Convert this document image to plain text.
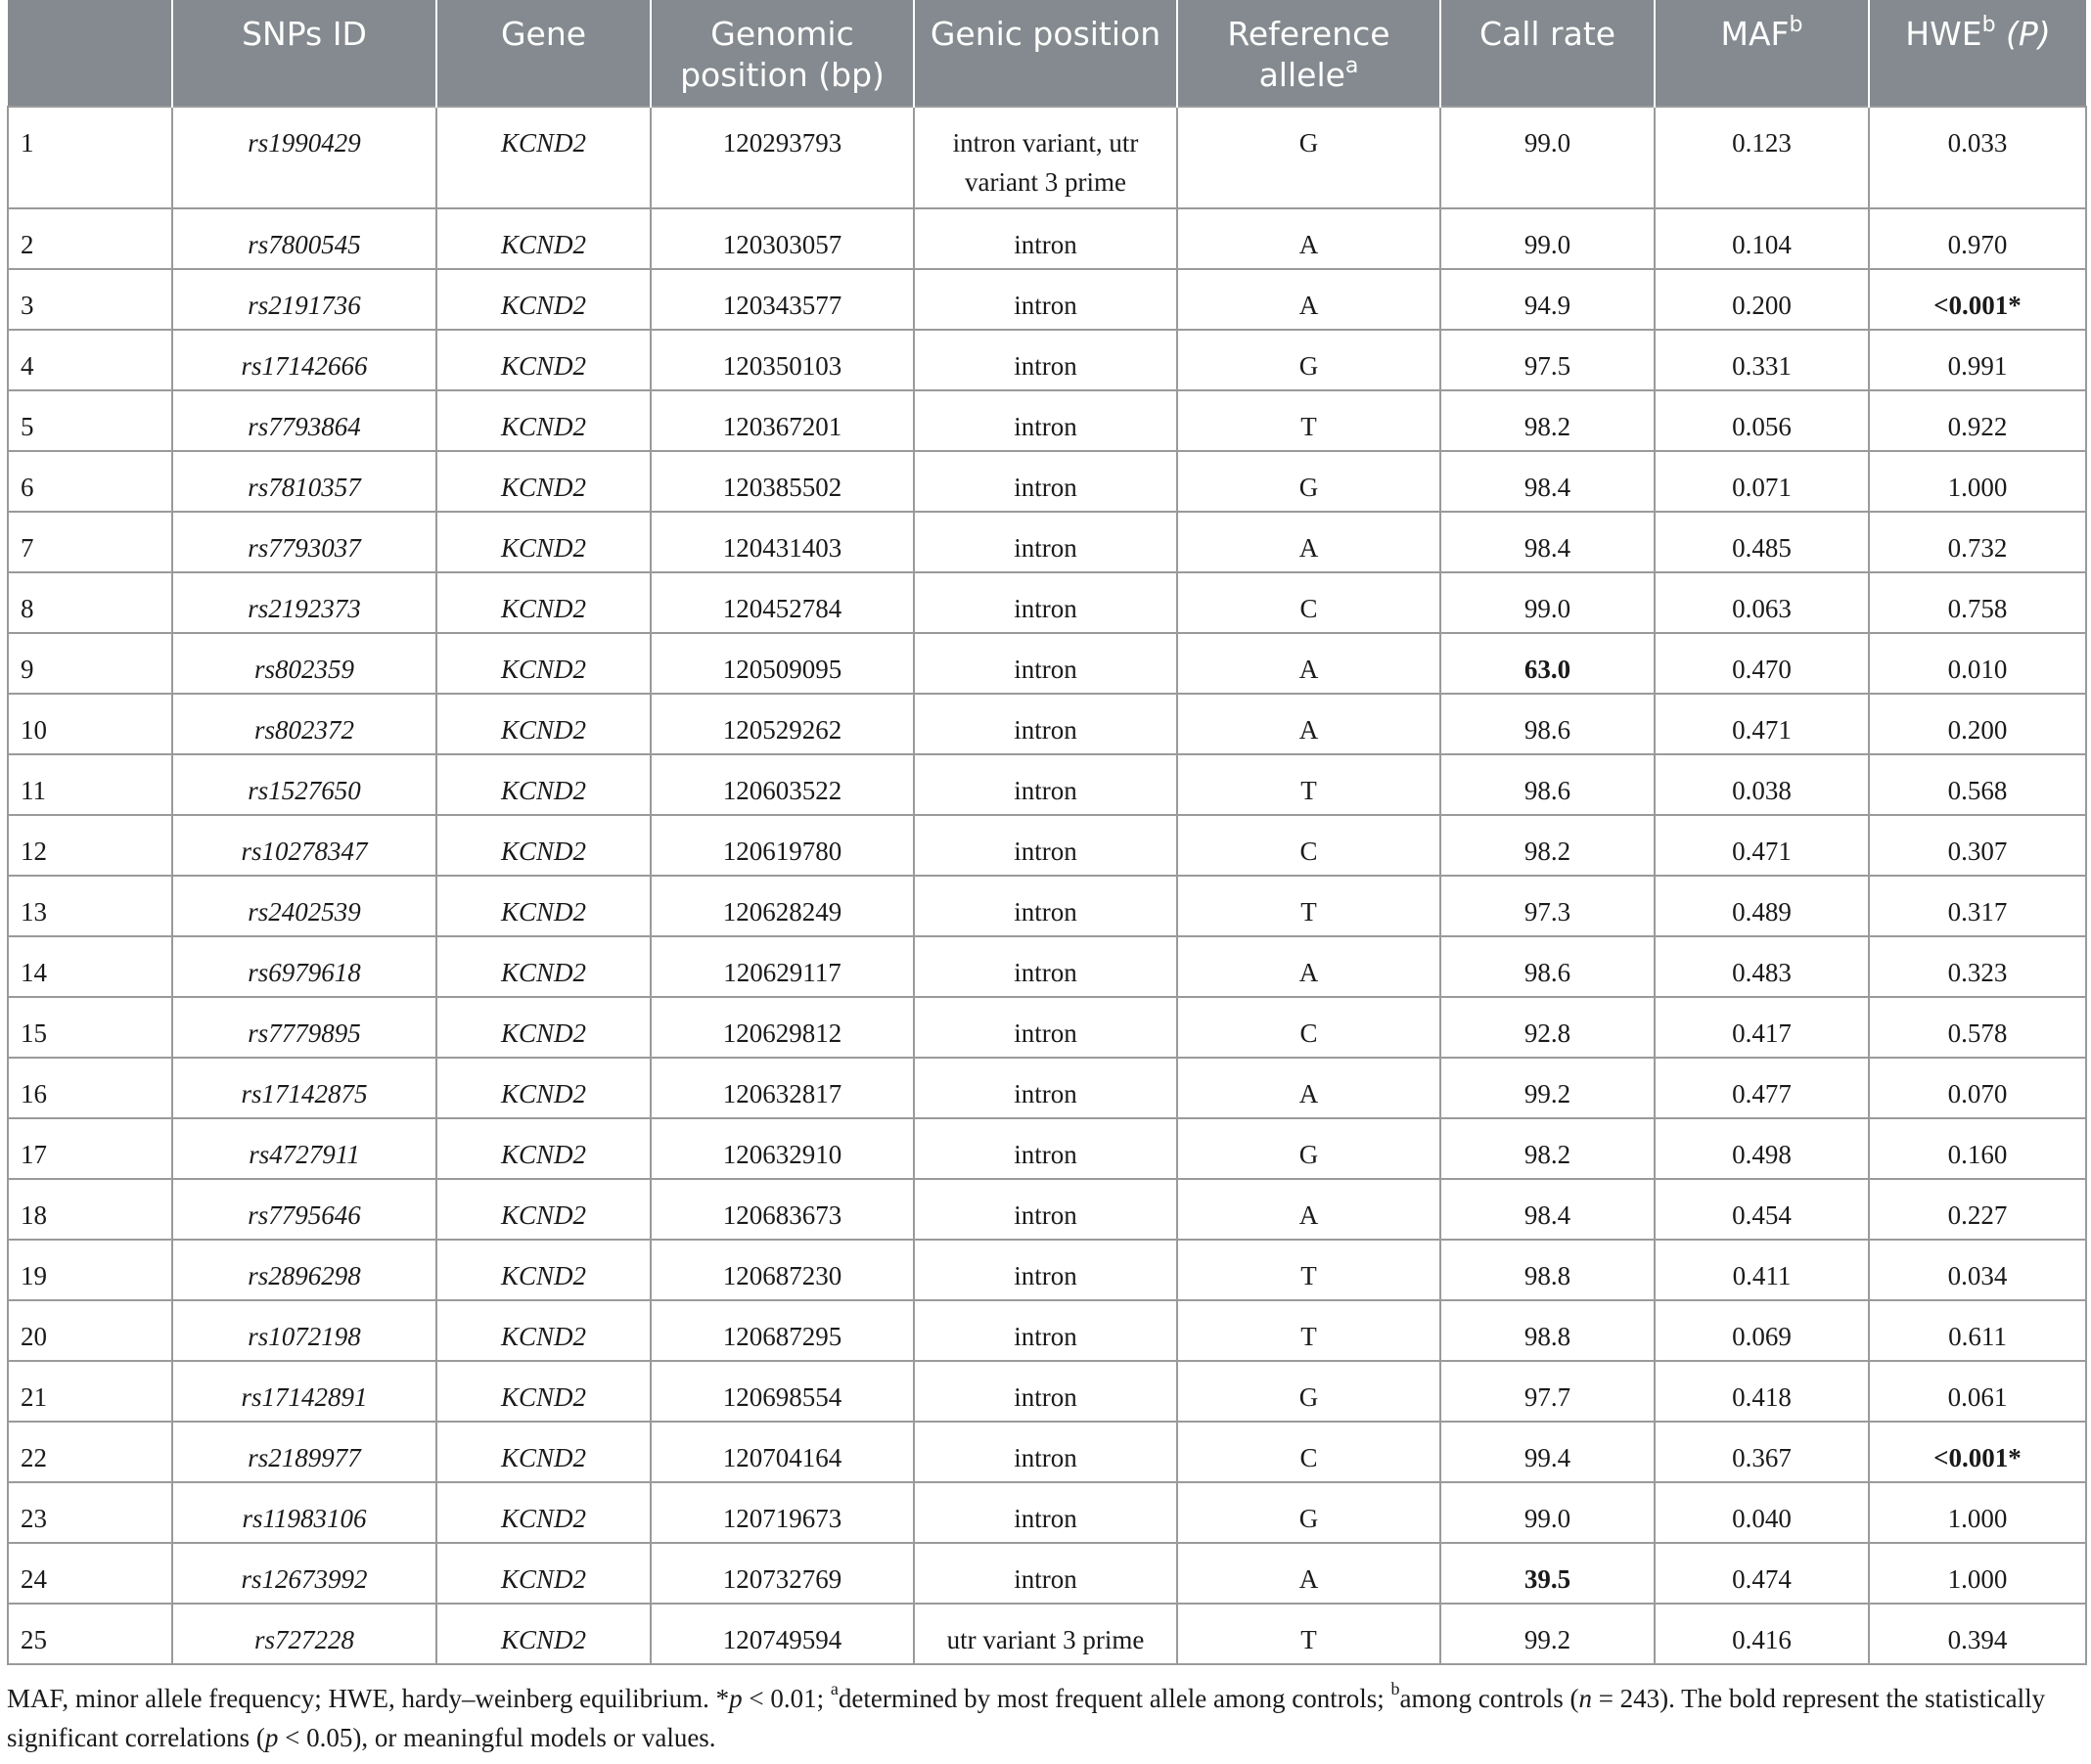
	SNPs ID	Gene	Genomic position (bp)	Genic position	Reference allele$^a$	Call rate	MAF$^b$	HWE$^b$ (P)
1	rs1990429	KCND2	120293793	intron variant, utr variant 3 prime	G	99.0	0.123	0.033
2	rs7800545	KCND2	120303057	intron	A	99.0	0.104	0.970
3	rs2191736	KCND2	120343577	intron	A	94.9	0.200	<0.001*
4	rs17142666	KCND2	120350103	intron	G	97.5	0.331	0.991
5	rs7793864	KCND2	120367201	intron	T	98.2	0.056	0.922
6	rs7810357	KCND2	120385502	intron	G	98.4	0.071	1.000
7	rs7793037	KCND2	120431403	intron	A	98.4	0.485	0.732
8	rs2192373	KCND2	120452784	intron	C	99.0	0.063	0.758
9	rs802359	KCND2	120509095	intron	A	63.0	0.470	0.010
10	rs802372	KCND2	120529262	intron	A	98.6	0.471	0.200
11	rs1527650	KCND2	120603522	intron	T	98.6	0.038	0.568
12	rs10278347	KCND2	120619780	intron	C	98.2	0.471	0.307
13	rs2402539	KCND2	120628249	intron	T	97.3	0.489	0.317
14	rs6979618	KCND2	120629117	intron	A	98.6	0.483	0.323
15	rs7779895	KCND2	120629812	intron	C	92.8	0.417	0.578
16	rs17142875	KCND2	120632817	intron	A	99.2	0.477	0.070
17	rs4727911	KCND2	120632910	intron	G	98.2	0.498	0.160
18	rs7795646	KCND2	120683673	intron	A	98.4	0.454	0.227
19	rs2896298	KCND2	120687230	intron	T	98.8	0.411	0.034
20	rs1072198	KCND2	120687295	intron	T	98.8	0.069	0.611
21	rs17142891	KCND2	120698554	intron	G	97.7	0.418	0.061
22	rs2189977	KCND2	120704164	intron	C	99.4	0.367	<0.001*
23	rs11983106	KCND2	120719673	intron	G	99.0	0.040	1.000
24	rs12673992	KCND2	120732769	intron	A	39.5	0.474	1.000
25	rs727228	KCND2	120749594	utr variant 3 prime	T	99.2	0.416	0.394
MAF, minor allele frequency; HWE, hardy–weinberg equilibrium. *p < 0.01; $^a$determined by most frequent allele among controls; $^b$among controls (n = 243). The bold represent the statistically significant correlations (p < 0.05), or meaningful models or values.
